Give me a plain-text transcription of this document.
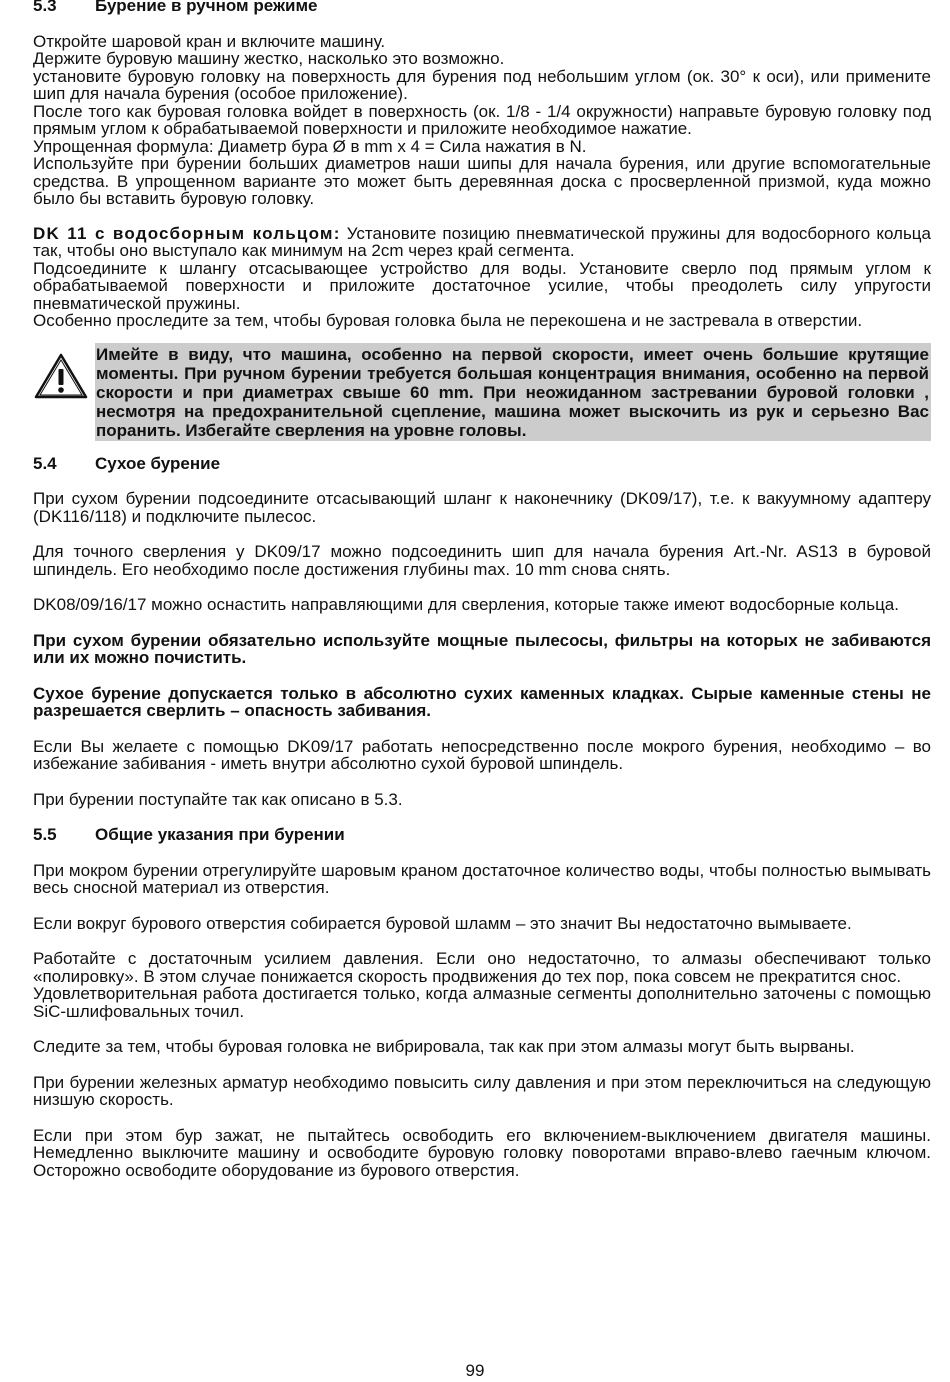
5.3	Бурение в ручном режиме

Откройте шаровой кран и включите машину.

Держите буровую машину жестко, насколько это возможно.

установите буровую головку на поверхность для бурения под небольшим углом (ок. 30° к оси), или примените шип для начала бурения (особое приложение).

После того как буровая головка войдет в поверхность (ок. 1/8 - 1/4 окружности) направьте буровую головку под прямым углом к обрабатываемой поверхности и приложите необходимое нажатие.

Упрощенная формула: Диаметр бура Ø в mm x 4 = Сила нажатия в N.

Используйте при бурении больших диаметров наши шипы для начала бурения, или другие вспомогательные средства. В упрощенном варианте это может быть деревянная доска с просверленной призмой, куда можно было бы вставить буровую головку.

DK 11 с водосборным кольцом: Установите позицию пневматической пружины для водосборного кольца так, чтобы оно выступало как минимум на 2cm через край сегмента.

Подсоедините к шлангу отсасывающее устройство для воды. Установите сверло под прямым углом к обрабатываемой поверхности и приложите достаточное усилие, чтобы преодолеть силу упругости пневматической пружины.

Особенно проследите за тем, чтобы буровая головка была не перекошена и не застревала в отверстии.

Имейте в виду, что машина, особенно на первой скорости, имеет очень большие крутящие моменты. При ручном бурении требуется большая концентрация внимания, особенно на первой скорости и при диаметрах свыше 60 mm. При неожиданном застревании буровой головки , несмотря на предохранительной сцепление, машина может выскочить из рук и серьезно Вас поранить. Избегайте сверления на уровне головы.
5.4	Сухое бурение

При сухом бурении подсоедините отсасывающий шланг к наконечнику (DK09/17), т.е. к вакуумному адаптеру (DK116/118) и подключите пылесос.

Для точного сверления у DK09/17 можно подсоединить шип для начала бурения Art.-Nr. AS13 в буровой шпиндель. Его необходимо после достижения глубины max. 10 mm снова снять.

DK08/09/16/17 можно оснастить направляющими для сверления, которые также имеют водосборные кольца.

При сухом бурении обязательно используйте мощные пылесосы, фильтры на которых не забиваются или их можно почистить.

Сухое бурение допускается только в абсолютно сухих каменных кладках. Сырые каменные стены не разрешается сверлить – опасность забивания.

Если Вы желаете с помощью DK09/17 работать непосредственно после мокрого бурения, необходимо – во избежание забивания - иметь внутри абсолютно сухой буровой шпиндель.

При бурении поступайте так как описано в 5.3.

5.5	Общие указания при бурении

При мокром бурении отрегулируйте шаровым краном достаточное количество воды, чтобы полностью вымывать весь сносной материал из отверстия.

Если вокруг бурового отверстия собирается буровой шламм – это значит Вы недостаточно вымываете.

Работайте с достаточным усилием давления. Если оно недостаточно, то алмазы обеспечивают только «полировку». В этом случае понижается скорость продвижения до тех пор, пока совсем не прекратится снос.

Удовлетворительная работа достигается только, когда алмазные сегменты дополнительно заточены с помощью SiC-шлифовальных точил.

Следите за тем, чтобы буровая головка не вибрировала, так как при этом алмазы могут быть вырваны.

При бурении железных арматур необходимо повысить силу давления и при этом переключиться на следующую низшую скорость.

Если при этом бур зажат, не пытайтесь освободить его включением-выключением двигателя машины. Немедленно выключите машину и освободите буровую головку поворотами вправо-влево гаечным ключом. Осторожно освободите оборудование из бурового отверстия.

99
